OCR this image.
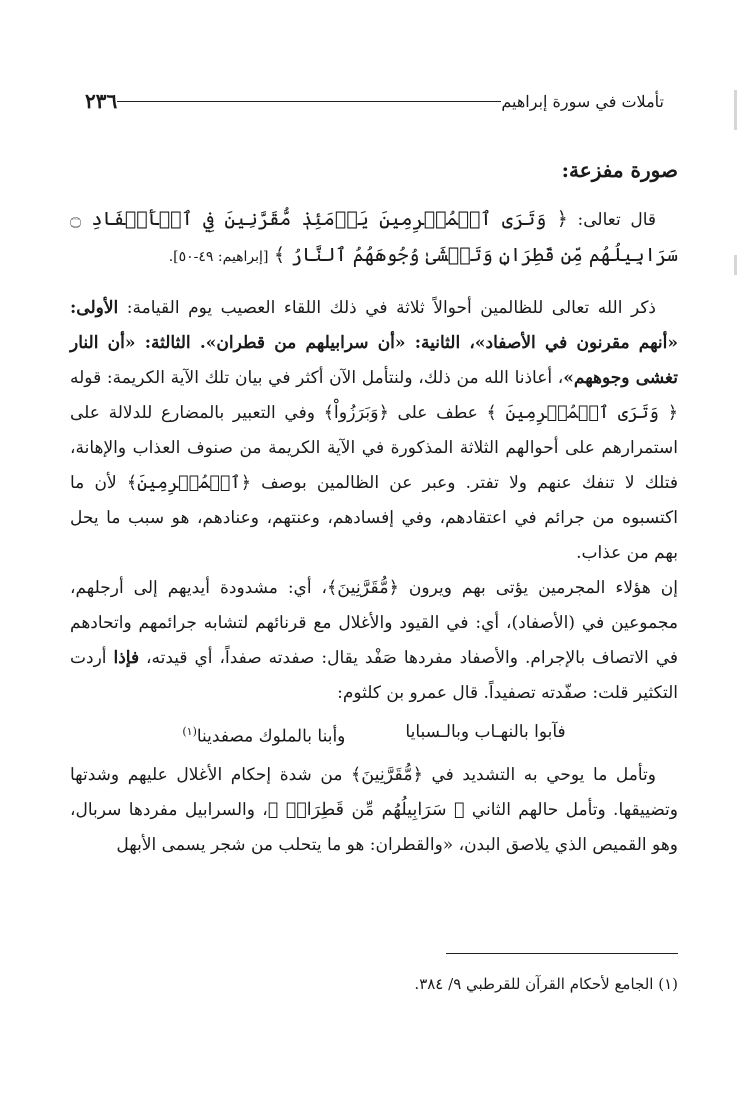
تأملات في سورة إبراهيم
٢٣٦
صورة مفزعة:

قال تعالى: ﴿ وَتَرَى ٱلۡمُجۡرِمِينَ يَوۡمَئِذٖ مُّقَرَّنِينَ فِي ٱلۡأَصۡفَادِ ۝ سَرَابِيلُهُم مِّن قَطِرَانٖ وَتَغۡشَىٰ وُجُوهَهُمُ ٱلنَّارُ ﴾ [إبراهيم: ٤٩-٥٠].

ذكر الله تعالى للظالمين أحوالاً ثلاثة في ذلك اللقاء العصيب يوم القيامة: الأولى: «أنهم مقرنون في الأصفاد»، الثانية: «أن سرابيلهم من قطران». الثالثة: «أن النار تغشى وجوههم»، أعاذنا الله من ذلك، ولنتأمل الآن أكثر في بيان تلك الآية الكريمة: قوله ﴿ وَتَرَى ٱلۡمُجۡرِمِينَ ﴾ عطف على ﴿وَبَرَزُواْ﴾ وفي التعبير بالمضارع للدلالة على استمرارهم على أحوالهم الثلاثة المذكورة في الآية الكريمة من صنوف العذاب والإهانة، فتلك لا تنفك عنهم ولا تفتر. وعبر عن الظالمين بوصف ﴿ٱلۡمُجۡرِمِينَ﴾ لأن ما اكتسبوه من جرائم في اعتقادهم، وفي إفسادهم، وعنتهم، وعنادهم، هو سبب ما يحل بهم من عذاب.

إن هؤلاء المجرمين يؤتى بهم ويرون ﴿مُّقَرَّنِينَ﴾، أي: مشدودة أيديهم إلى أرجلهم، مجموعين في (الأصفاد)، أي: في القيود والأغلال مع قرنائهم لتشابه جرائمهم واتحادهم في الاتصاف بالإجرام. والأصفاد مفردها صَفْد يقال: صفدته صفداً، أي قيدته، فإذا أردت التكثير قلت: صفّدته تصفيداً. قال عمرو بن كلثوم:

فآبوا بالنهـاب وبالـسبايا
وأبنا بالملوك مصفدينا$^{(١)}$

وتأمل ما يوحي به التشديد في ﴿مُّقَرَّنِينَ﴾ من شدة إحكام الأغلال عليهم وشدتها وتضييقها. وتأمل حالهم الثاني ﴿ سَرَابِيلُهُم مِّن قَطِرَانٖ ﴾، والسرابيل مفردها سربال، وهو القميص الذي يلاصق البدن، «والقطران: هو ما يتحلب من شجر يسمى الأبهل

(١) الجامع لأحكام القرآن للقرطبي ٩/ ٣٨٤.
